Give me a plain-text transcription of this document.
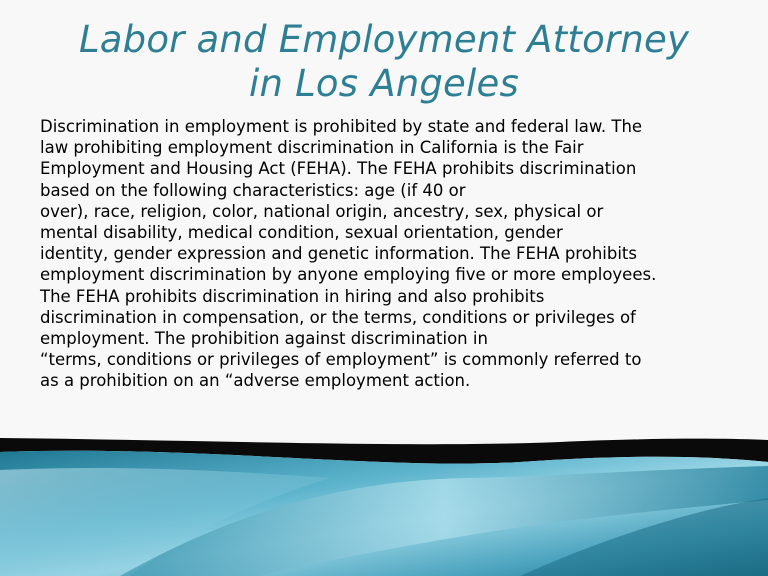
Labor and Employment Attorney
in Los Angeles
Discrimination in employment is prohibited by state and federal law. The
law prohibiting employment discrimination in California is the Fair
Employment and Housing Act (FEHA). The FEHA prohibits discrimination
based on the following characteristics: age (if 40 or
over), race, religion, color, national origin, ancestry, sex, physical or
mental disability, medical condition, sexual orientation, gender
identity, gender expression and genetic information. The FEHA prohibits
employment discrimination by anyone employing five or more employees.
The FEHA prohibits discrimination in hiring and also prohibits
discrimination in compensation, or the terms, conditions or privileges of
employment. The prohibition against discrimination in
“terms, conditions or privileges of employment” is commonly referred to
as a prohibition on an “adverse employment action.
